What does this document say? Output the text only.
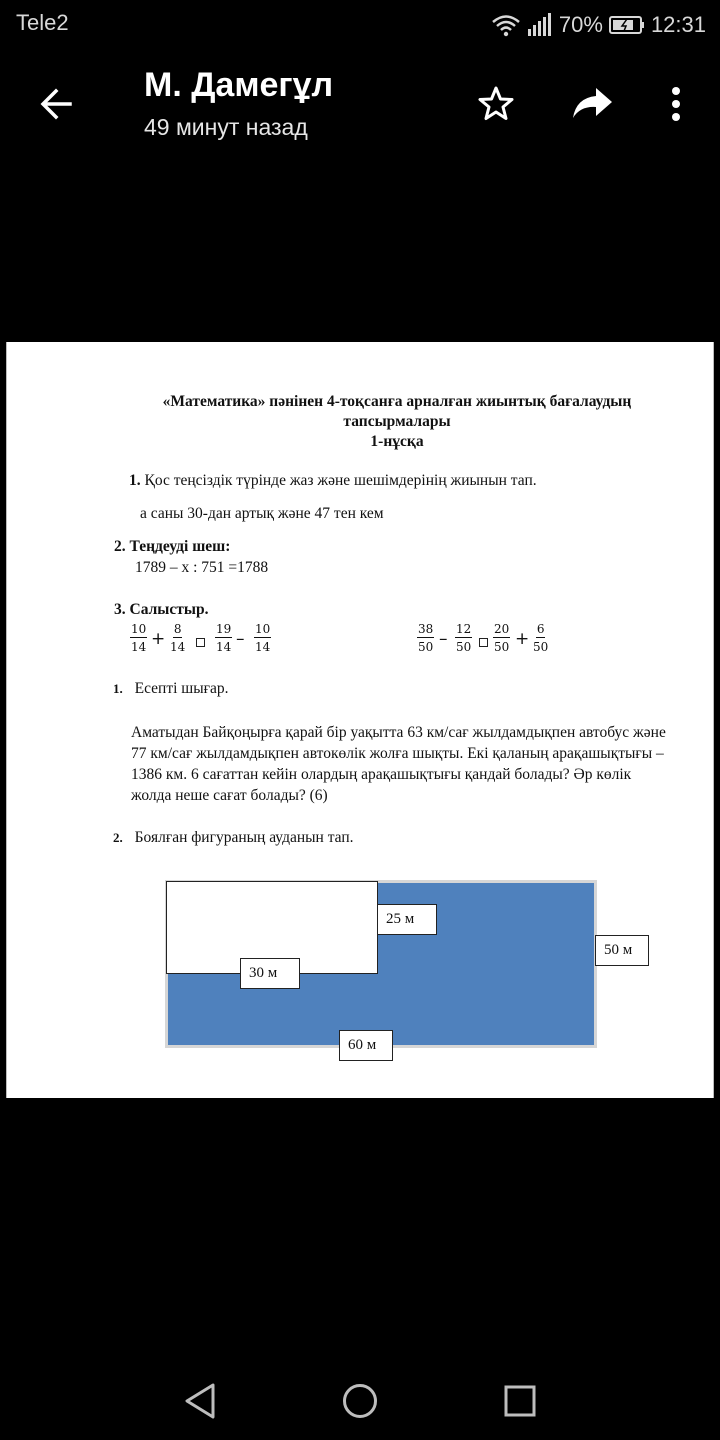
Tele2	70% 12:31
М. Дамегұл
49 минут назад
«Математика» пәнінен 4-тоқсанға арналған жиынтық бағалаудың
тапсырмалары
1-нұсқа
1. Қос теңсіздік түрінде жаз және шешімдерінің жиынын тап.
а саны 30-дан артық және 47 тен кем
2. Теңдеуді шеш:
1789 – х : 751 =1788
3. Салыстыр.
$\frac{10}{14} + \frac{8}{14} \frac{19}{14} - \frac{10}{14}$	$\frac{38}{50} - \frac{12}{50} \frac{20}{50} + \frac{6}{50}$
1. Есепті шығар.
Аматыдан Байқоңырға қарай бір уақытта 63 км/сағ жылдамдықпен автобус және 77 км/сағ жылдамдықпен автокөлік жолға шықты. Екі қаланың арақашықтығы – 1386 км. 6 сағаттан кейін олардың арақашықтығы қандай болады? Әр көлік жолда неше сағат болады? (6)
2. Боялған фигураның ауданын тап.
25 м
30 м
50 м
60 м
